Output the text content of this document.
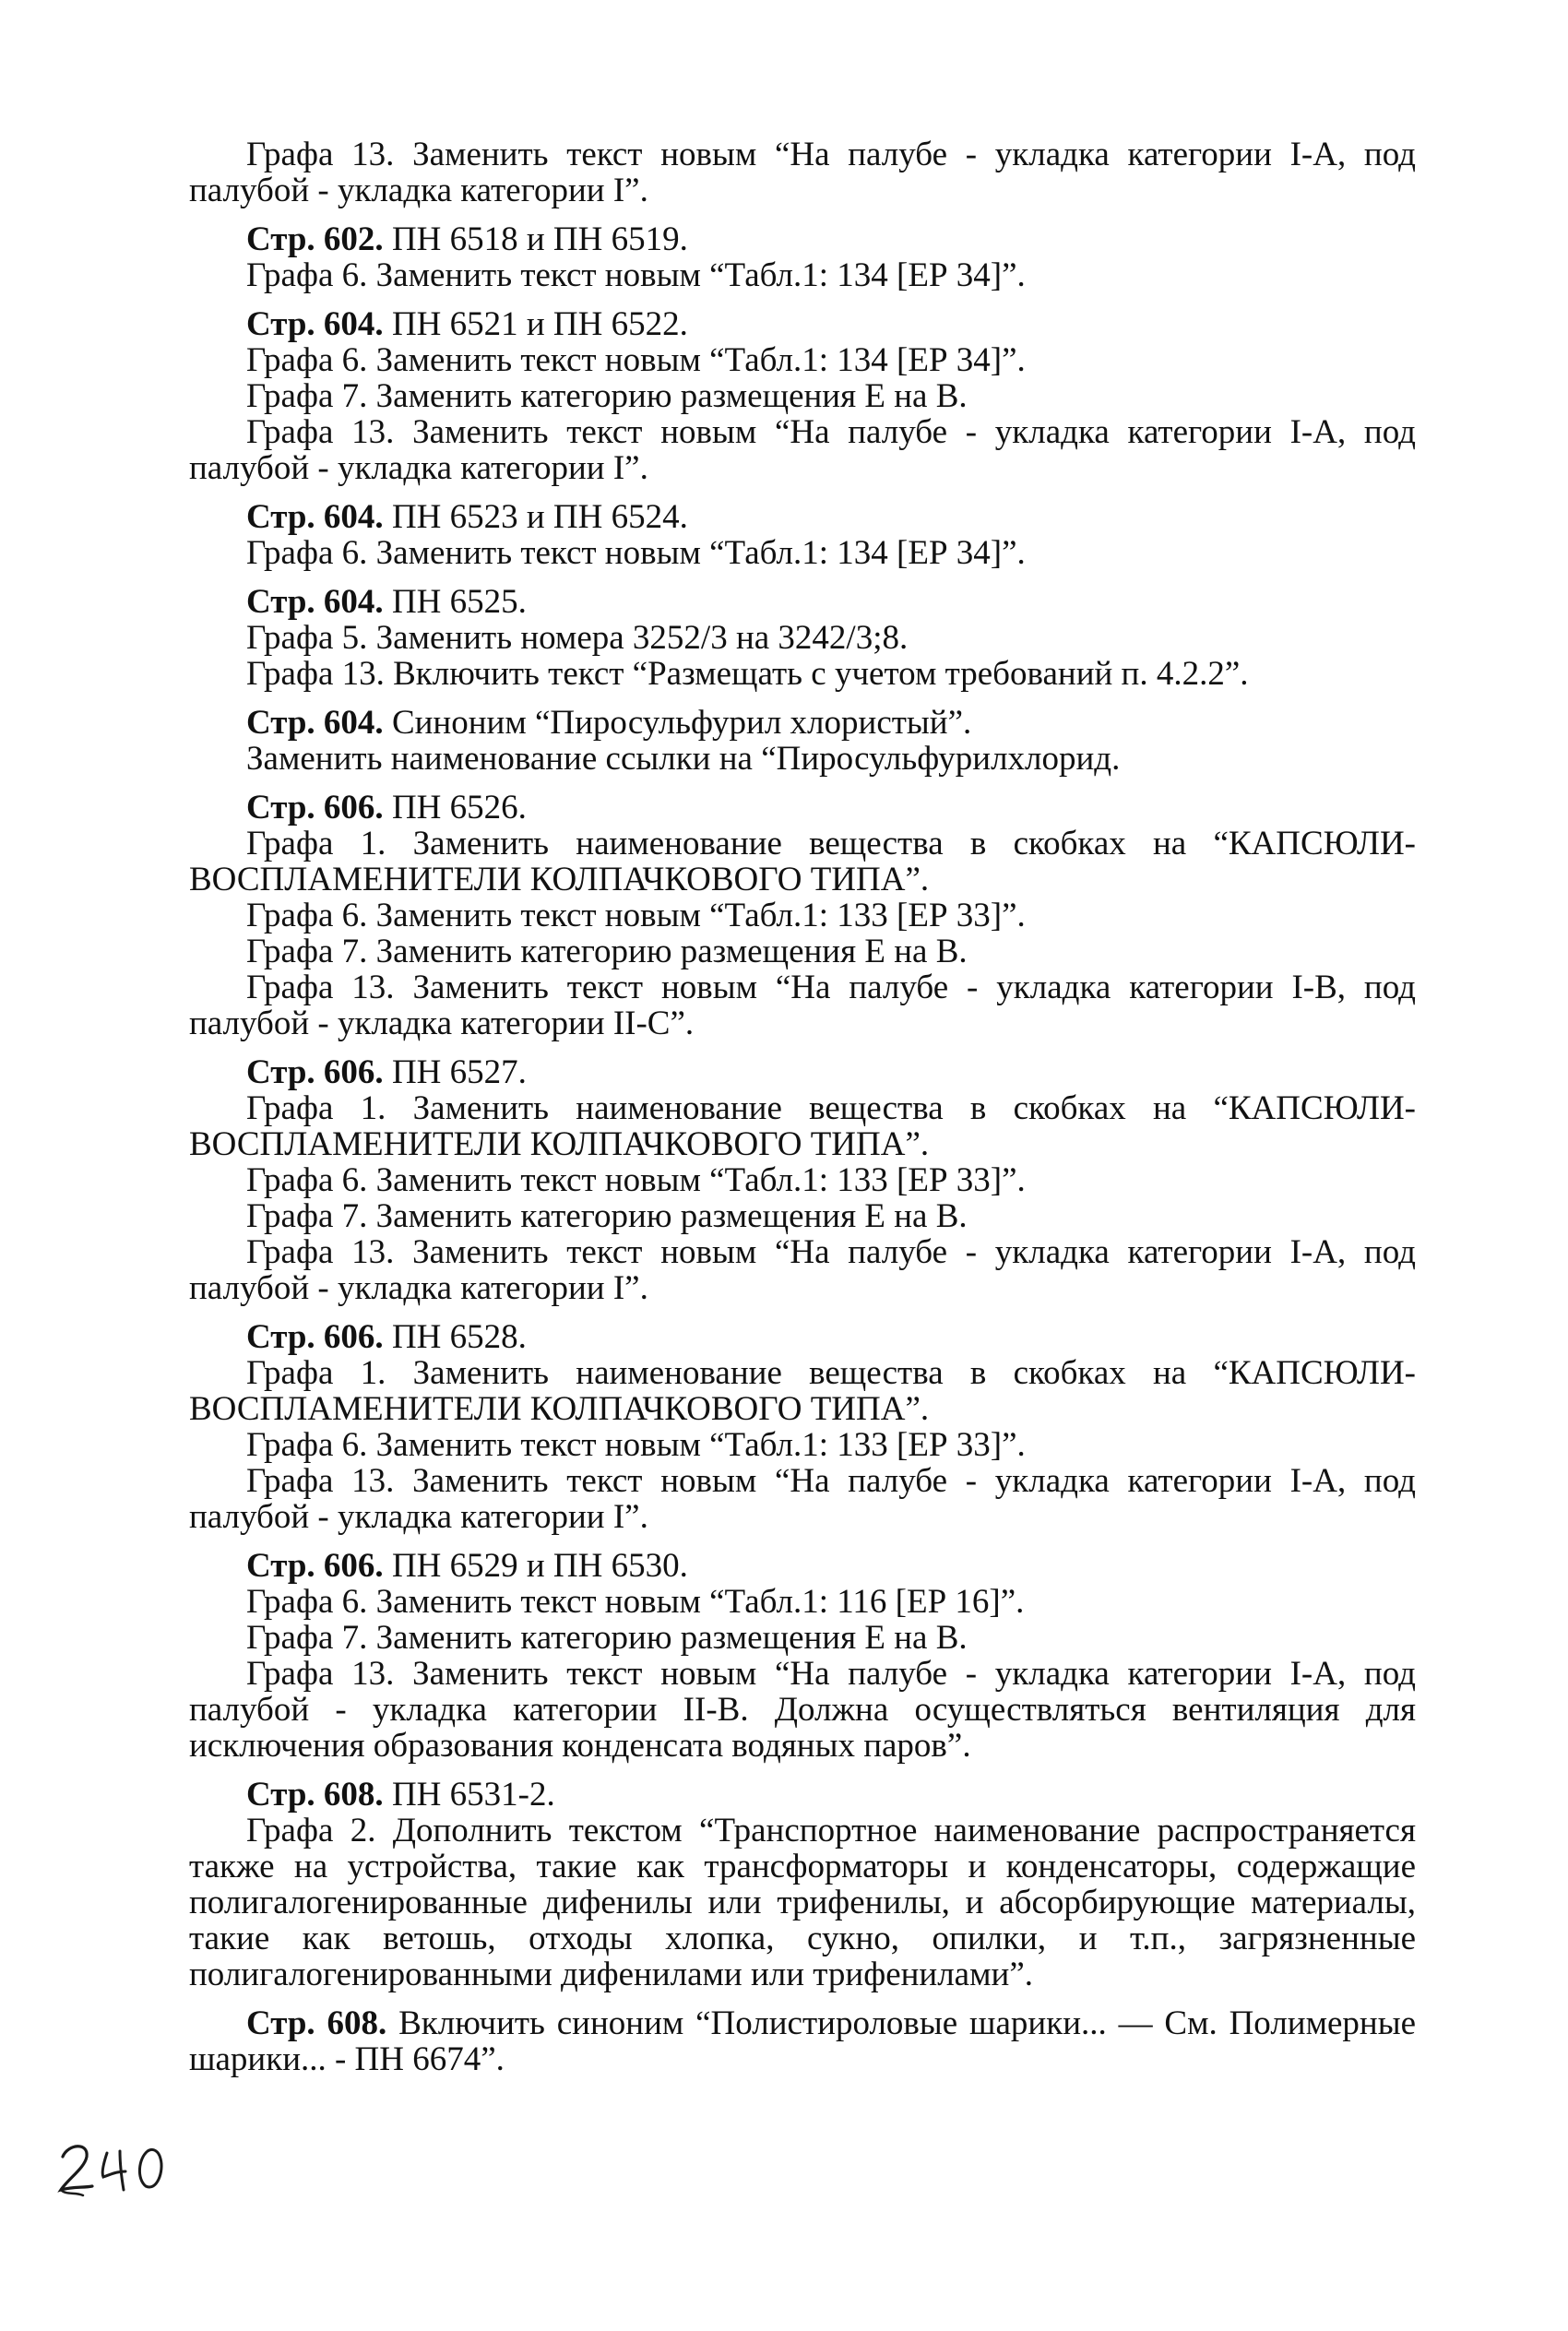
Графа 13. Заменить текст новым “На палубе - укладка категории I-A, под палубой - укладка категории I”.
Стр. 602. ПН 6518 и ПН 6519.
Графа 6. Заменить текст новым “Табл.1: 134 [ЕР 34]”.
Стр. 604. ПН 6521 и ПН 6522.
Графа 6. Заменить текст новым “Табл.1: 134 [ЕР 34]”.
Графа 7. Заменить категорию размещения Е на В.
Графа 13. Заменить текст новым “На палубе - укладка категории I-A, под палубой - укладка категории I”.
Стр. 604. ПН 6523 и ПН 6524.
Графа 6. Заменить текст новым “Табл.1: 134 [ЕР 34]”.
Стр. 604. ПН 6525.
Графа 5. Заменить номера 3252/3 на 3242/3;8.
Графа 13. Включить текст “Размещать с учетом требований п. 4.2.2”.
Стр. 604. Синоним “Пиросульфурил хлористый”.
Заменить наименование ссылки на “Пиросульфурилхлорид.
Стр. 606. ПН 6526.
Графа 1. Заменить наименование вещества в скобках на “КАПСЮЛИ-ВОСПЛАМЕНИТЕЛИ КОЛПАЧКОВОГО ТИПА”.
Графа 6. Заменить текст новым “Табл.1: 133 [ЕР 33]”.
Графа 7. Заменить категорию размещения Е на В.
Графа 13. Заменить текст новым “На палубе - укладка категории I-B, под палубой - укладка категории II-C”.
Стр. 606. ПН 6527.
Графа 1. Заменить наименование вещества в скобках на “КАПСЮЛИ-ВОСПЛАМЕНИТЕЛИ КОЛПАЧКОВОГО ТИПА”.
Графа 6. Заменить текст новым “Табл.1: 133 [ЕР 33]”.
Графа 7. Заменить категорию размещения Е на В.
Графа 13. Заменить текст новым “На палубе - укладка категории I-A, под палубой - укладка категории I”.
Стр. 606. ПН 6528.
Графа 1. Заменить наименование вещества в скобках на “КАПСЮЛИ-ВОСПЛАМЕНИТЕЛИ КОЛПАЧКОВОГО ТИПА”.
Графа 6. Заменить текст новым “Табл.1: 133 [ЕР 33]”.
Графа 13. Заменить текст новым “На палубе - укладка категории I-A, под палубой - укладка категории I”.
Стр. 606. ПН 6529 и ПН 6530.
Графа 6. Заменить текст новым “Табл.1: 116 [ЕР 16]”.
Графа 7. Заменить категорию размещения Е на В.
Графа 13. Заменить текст новым “На палубе - укладка категории I-A, под палубой - укладка категории II-B. Должна осуществляться вентиляция для исключения образования конденсата водяных паров”.
Стр. 608. ПН 6531-2.
Графа 2. Дополнить текстом “Транспортное наименование распространяется также на устройства, такие как трансформаторы и конденсаторы, содержащие полигалогенированные дифенилы или трифенилы, и абсорбирующие материалы, такие как ветошь, отходы хлопка, сукно, опилки, и т.п., загрязненные полигалогенированными дифенилами или трифенилами”.
Стр. 608. Включить синоним “Полистироловые шарики... — См. Полимерные шарики... - ПН 6674”.
